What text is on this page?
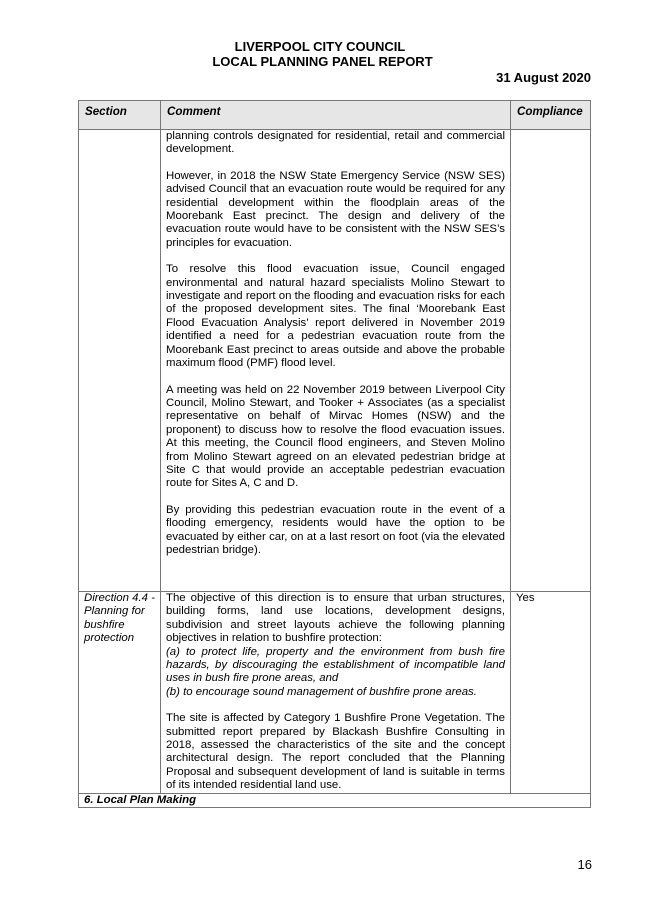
LIVERPOOL CITY COUNCIL
LOCAL PLANNING PANEL REPORT
31 August 2020
Section	Comment	Compliance

	planning controls designated for residential, retail and commercial development.

However, in 2018 the NSW State Emergency Service (NSW SES) advised Council that an evacuation route would be required for any residential development within the floodplain areas of the Moorebank East precinct. The design and delivery of the evacuation route would have to be consistent with the NSW SES’s principles for evacuation.

To resolve this flood evacuation issue, Council engaged environmental and natural hazard specialists Molino Stewart to investigate and report on the flooding and evacuation risks for each of the proposed development sites. The final ‘Moorebank East Flood Evacuation Analysis’ report delivered in November 2019 identified a need for a pedestrian evacuation route from the Moorebank East precinct to areas outside and above the probable maximum flood (PMF) flood level.

A meeting was held on 22 November 2019 between Liverpool City Council, Molino Stewart, and Tooker + Associates (as a specialist representative on behalf of Mirvac Homes (NSW) and the proponent) to discuss how to resolve the flood evacuation issues. At this meeting, the Council flood engineers, and Steven Molino from Molino Stewart agreed on an elevated pedestrian bridge at Site C that would provide an acceptable pedestrian evacuation route for Sites A, C and D.

By providing this pedestrian evacuation route in the event of a flooding emergency, residents would have the option to be evacuated by either car, on at a last resort on foot (via the elevated pedestrian bridge).	

Direction 4.4 - Planning for bushfire protection	The objective of this direction is to ensure that urban structures, building forms, land use locations, development designs, subdivision and street layouts achieve the following planning objectives in relation to bushfire protection:

(a) to protect life, property and the environment from bush fire hazards, by discouraging the establishment of incompatible land uses in bush fire prone areas, and

(b) to encourage sound management of bushfire prone areas.

The site is affected by Category 1 Bushfire Prone Vegetation. The submitted report prepared by Blackash Bushfire Consulting in 2018, assessed the characteristics of the site and the concept architectural design. The report concluded that the Planning Proposal and subsequent development of land is suitable in terms of its intended residential land use.	Yes
6. Local Plan Making		
16
